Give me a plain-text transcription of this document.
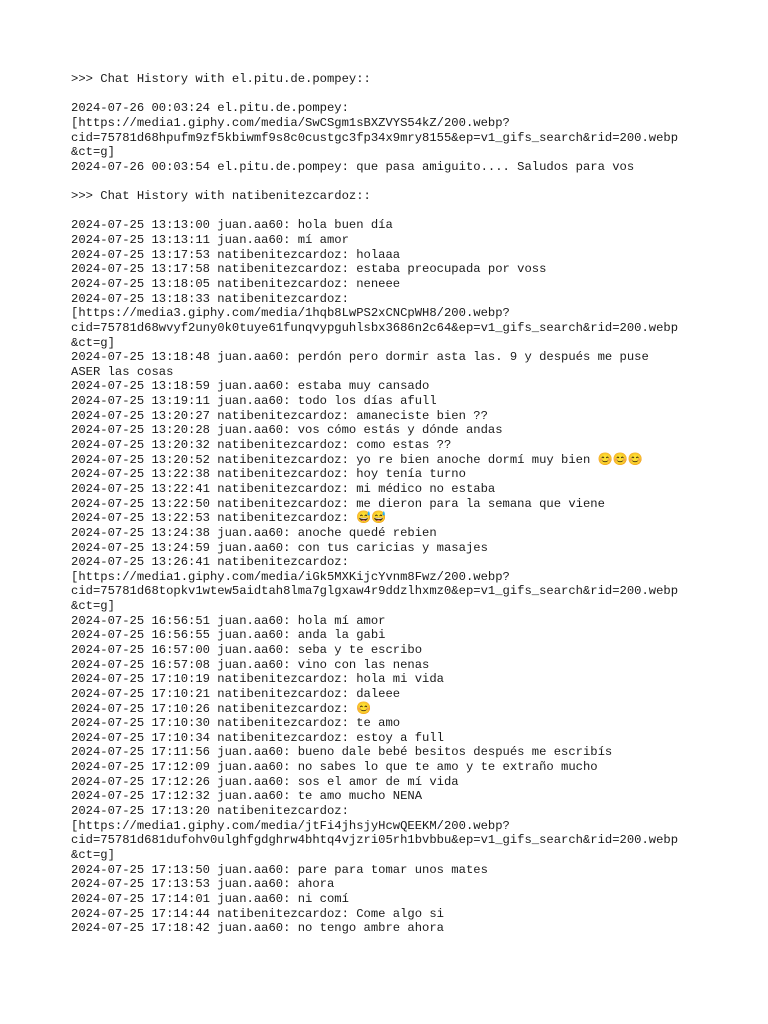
>>> Chat History with el.pitu.de.pompey::
2024-07-26 00:03:24 el.pitu.de.pompey:
[https://media1.giphy.com/media/SwCSgm1sBXZVYS54kZ/200.webp?
cid=75781d68hpufm9zf5kbiwmf9s8c0custgc3fp34x9mry8155&ep=v1_gifs_search&rid=200.webp
&ct=g]
2024-07-26 00:03:54 el.pitu.de.pompey: que pasa amiguito.... Saludos para vos
>>> Chat History with natibenitezcardoz::
2024-07-25 13:13:00 juan.aa60: hola buen día
2024-07-25 13:13:11 juan.aa60: mí amor
2024-07-25 13:17:53 natibenitezcardoz: holaaa
2024-07-25 13:17:58 natibenitezcardoz: estaba preocupada por voss
2024-07-25 13:18:05 natibenitezcardoz: neneee
2024-07-25 13:18:33 natibenitezcardoz:
[https://media3.giphy.com/media/1hqb8LwPS2xCNCpWH8/200.webp?
cid=75781d68wvyf2uny0k0tuye61funqvypguhlsbx3686n2c64&ep=v1_gifs_search&rid=200.webp
&ct=g]
2024-07-25 13:18:48 juan.aa60: perdón pero dormir asta las. 9 y después me puse
ASER las cosas
2024-07-25 13:18:59 juan.aa60: estaba muy cansado
2024-07-25 13:19:11 juan.aa60: todo los días afull
2024-07-25 13:20:27 natibenitezcardoz: amaneciste bien ??
2024-07-25 13:20:28 juan.aa60: vos cómo estás y dónde andas
2024-07-25 13:20:32 natibenitezcardoz: como estas ??
2024-07-25 13:20:52 natibenitezcardoz: yo re bien anoche dormí muy bien 😊😊😊
2024-07-25 13:22:38 natibenitezcardoz: hoy tenía turno
2024-07-25 13:22:41 natibenitezcardoz: mi médico no estaba
2024-07-25 13:22:50 natibenitezcardoz: me dieron para la semana que viene
2024-07-25 13:22:53 natibenitezcardoz: 😅😅
2024-07-25 13:24:38 juan.aa60: anoche quedé rebien
2024-07-25 13:24:59 juan.aa60: con tus caricias y masajes
2024-07-25 13:26:41 natibenitezcardoz:
[https://media1.giphy.com/media/iGk5MXKijcYvnm8Fwz/200.webp?
cid=75781d68topkv1wtew5aidtah8lma7glgxaw4r9ddzlhxmz0&ep=v1_gifs_search&rid=200.webp
&ct=g]
2024-07-25 16:56:51 juan.aa60: hola mí amor
2024-07-25 16:56:55 juan.aa60: anda la gabi
2024-07-25 16:57:00 juan.aa60: seba y te escribo
2024-07-25 16:57:08 juan.aa60: vino con las nenas
2024-07-25 17:10:19 natibenitezcardoz: hola mi vida
2024-07-25 17:10:21 natibenitezcardoz: daleee
2024-07-25 17:10:26 natibenitezcardoz: 😊
2024-07-25 17:10:30 natibenitezcardoz: te amo
2024-07-25 17:10:34 natibenitezcardoz: estoy a full
2024-07-25 17:11:56 juan.aa60: bueno dale bebé besitos después me escribís
2024-07-25 17:12:09 juan.aa60: no sabes lo que te amo y te extraño mucho
2024-07-25 17:12:26 juan.aa60: sos el amor de mí vida
2024-07-25 17:12:32 juan.aa60: te amo mucho NENA
2024-07-25 17:13:20 natibenitezcardoz:
[https://media1.giphy.com/media/jtFi4jhsjyHcwQEEKM/200.webp?
cid=75781d681dufohv0ulghfgdghrw4bhtq4vjzri05rh1bvbbu&ep=v1_gifs_search&rid=200.webp
&ct=g]
2024-07-25 17:13:50 juan.aa60: pare para tomar unos mates
2024-07-25 17:13:53 juan.aa60: ahora
2024-07-25 17:14:01 juan.aa60: ni comí
2024-07-25 17:14:44 natibenitezcardoz: Come algo si
2024-07-25 17:18:42 juan.aa60: no tengo ambre ahora
